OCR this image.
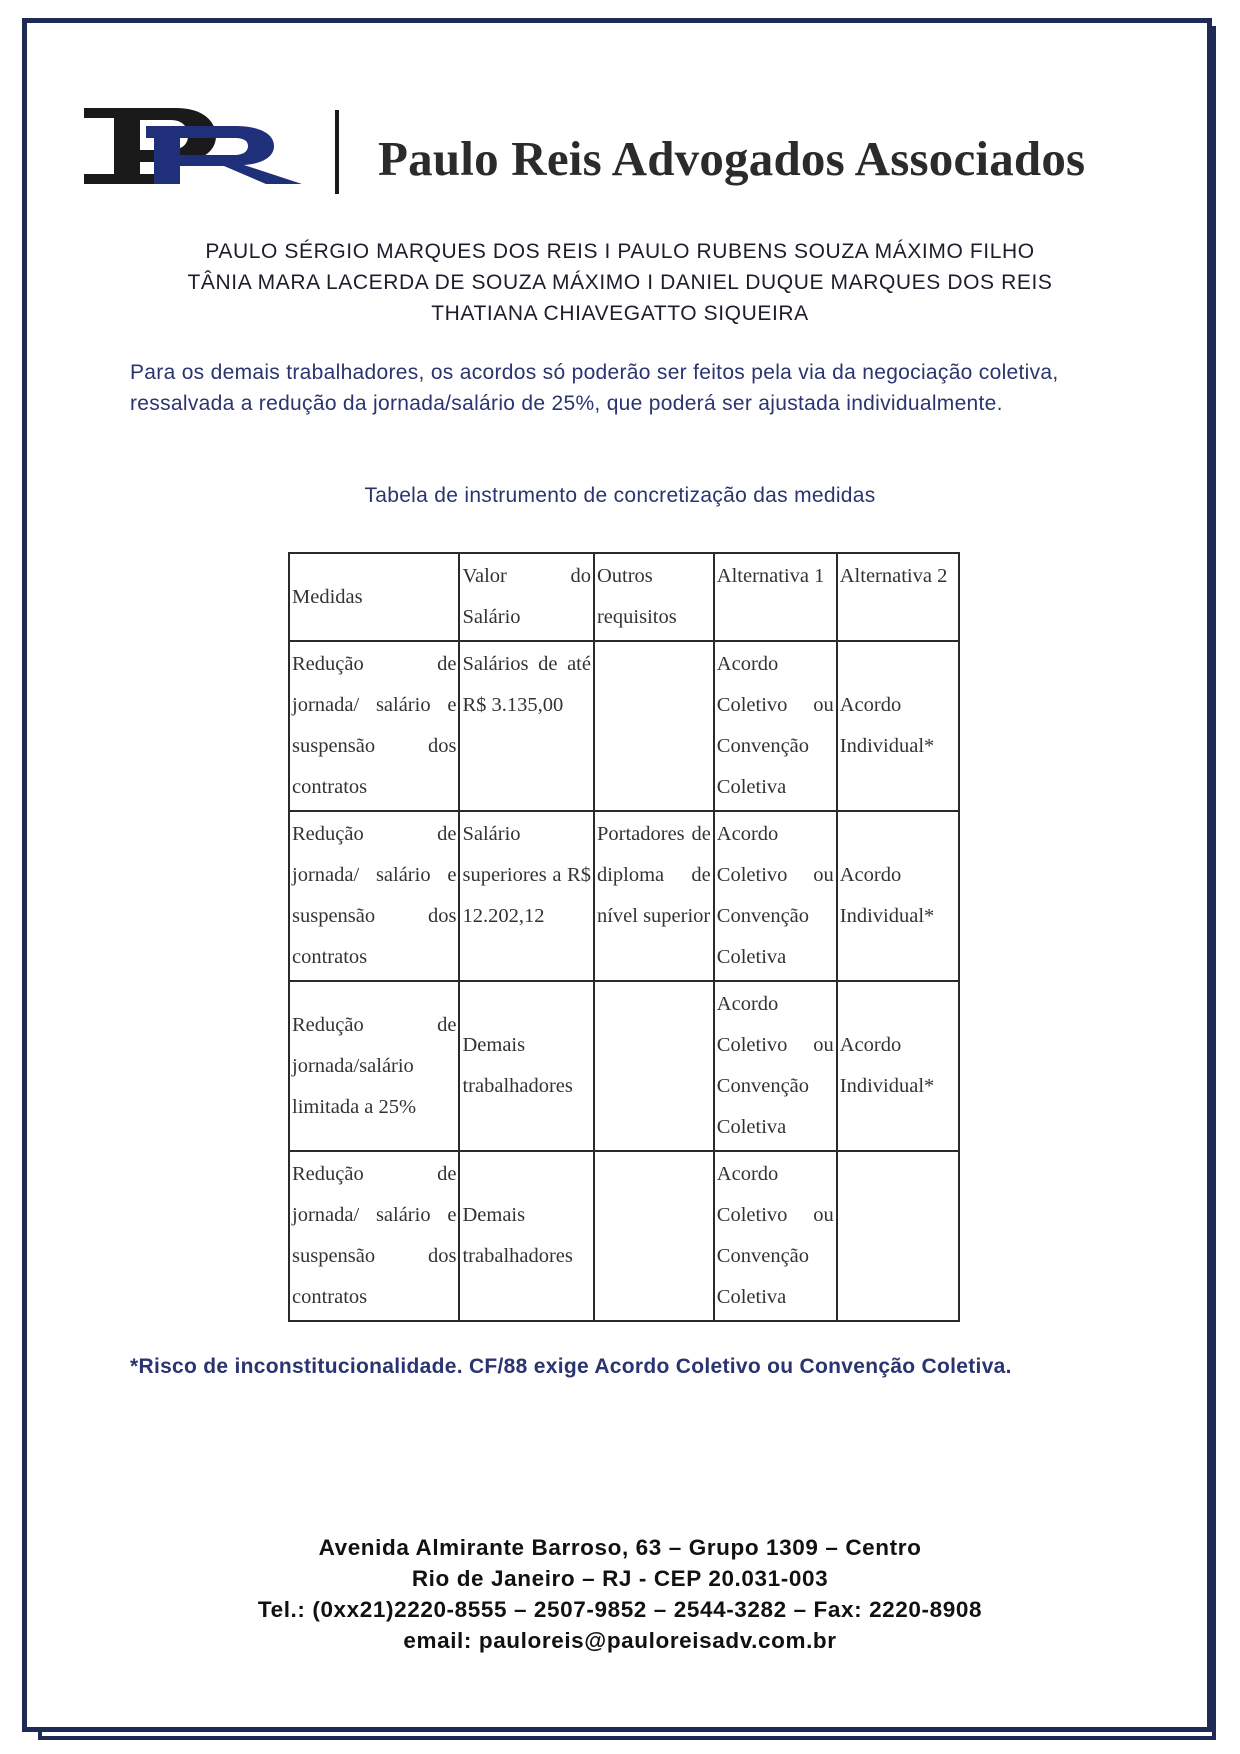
Paulo Reis Advogados Associados
PAULO SÉRGIO MARQUES DOS REIS I PAULO RUBENS SOUZA MÁXIMO FILHO
TÂNIA MARA LACERDA DE SOUZA MÁXIMO I DANIEL DUQUE MARQUES DOS REIS
THATIANA CHIAVEGATTO SIQUEIRA

Para os demais trabalhadores, os acordos só poderão ser feitos pela via da negociação coletiva, ressalvada a redução da jornada/salário de 25%, que poderá ser ajustada individualmente.

Tabela de instrumento de concretização das medidas
Medidas	Valor do Salário	Outros requisitos	Alternativa 1	Alternativa 2
Redução de jornada/ salário e suspensão dos contratos	Salários de até R$ 3.135,00		Acordo Coletivo ou Convenção Coletiva	Acordo Individual*
Redução de jornada/ salário e suspensão dos contratos	Salário superiores a R$ 12.202,12	Portadores de diploma de nível superior	Acordo Coletivo ou Convenção Coletiva	Acordo Individual*
Redução de jornada/salário limitada a 25%	Demais trabalhadores		Acordo Coletivo ou Convenção Coletiva	Acordo Individual*
Redução de jornada/ salário e suspensão dos contratos	Demais trabalhadores		Acordo Coletivo ou Convenção Coletiva	

*Risco de inconstitucionalidade. CF/88 exige Acordo Coletivo ou Convenção Coletiva.

Avenida Almirante Barroso, 63 – Grupo 1309 – Centro
Rio de Janeiro – RJ - CEP 20.031-003
Tel.: (0xx21)2220-8555 – 2507-9852 – 2544-3282 – Fax: 2220-8908
email: pauloreis@pauloreisadv.com.br
